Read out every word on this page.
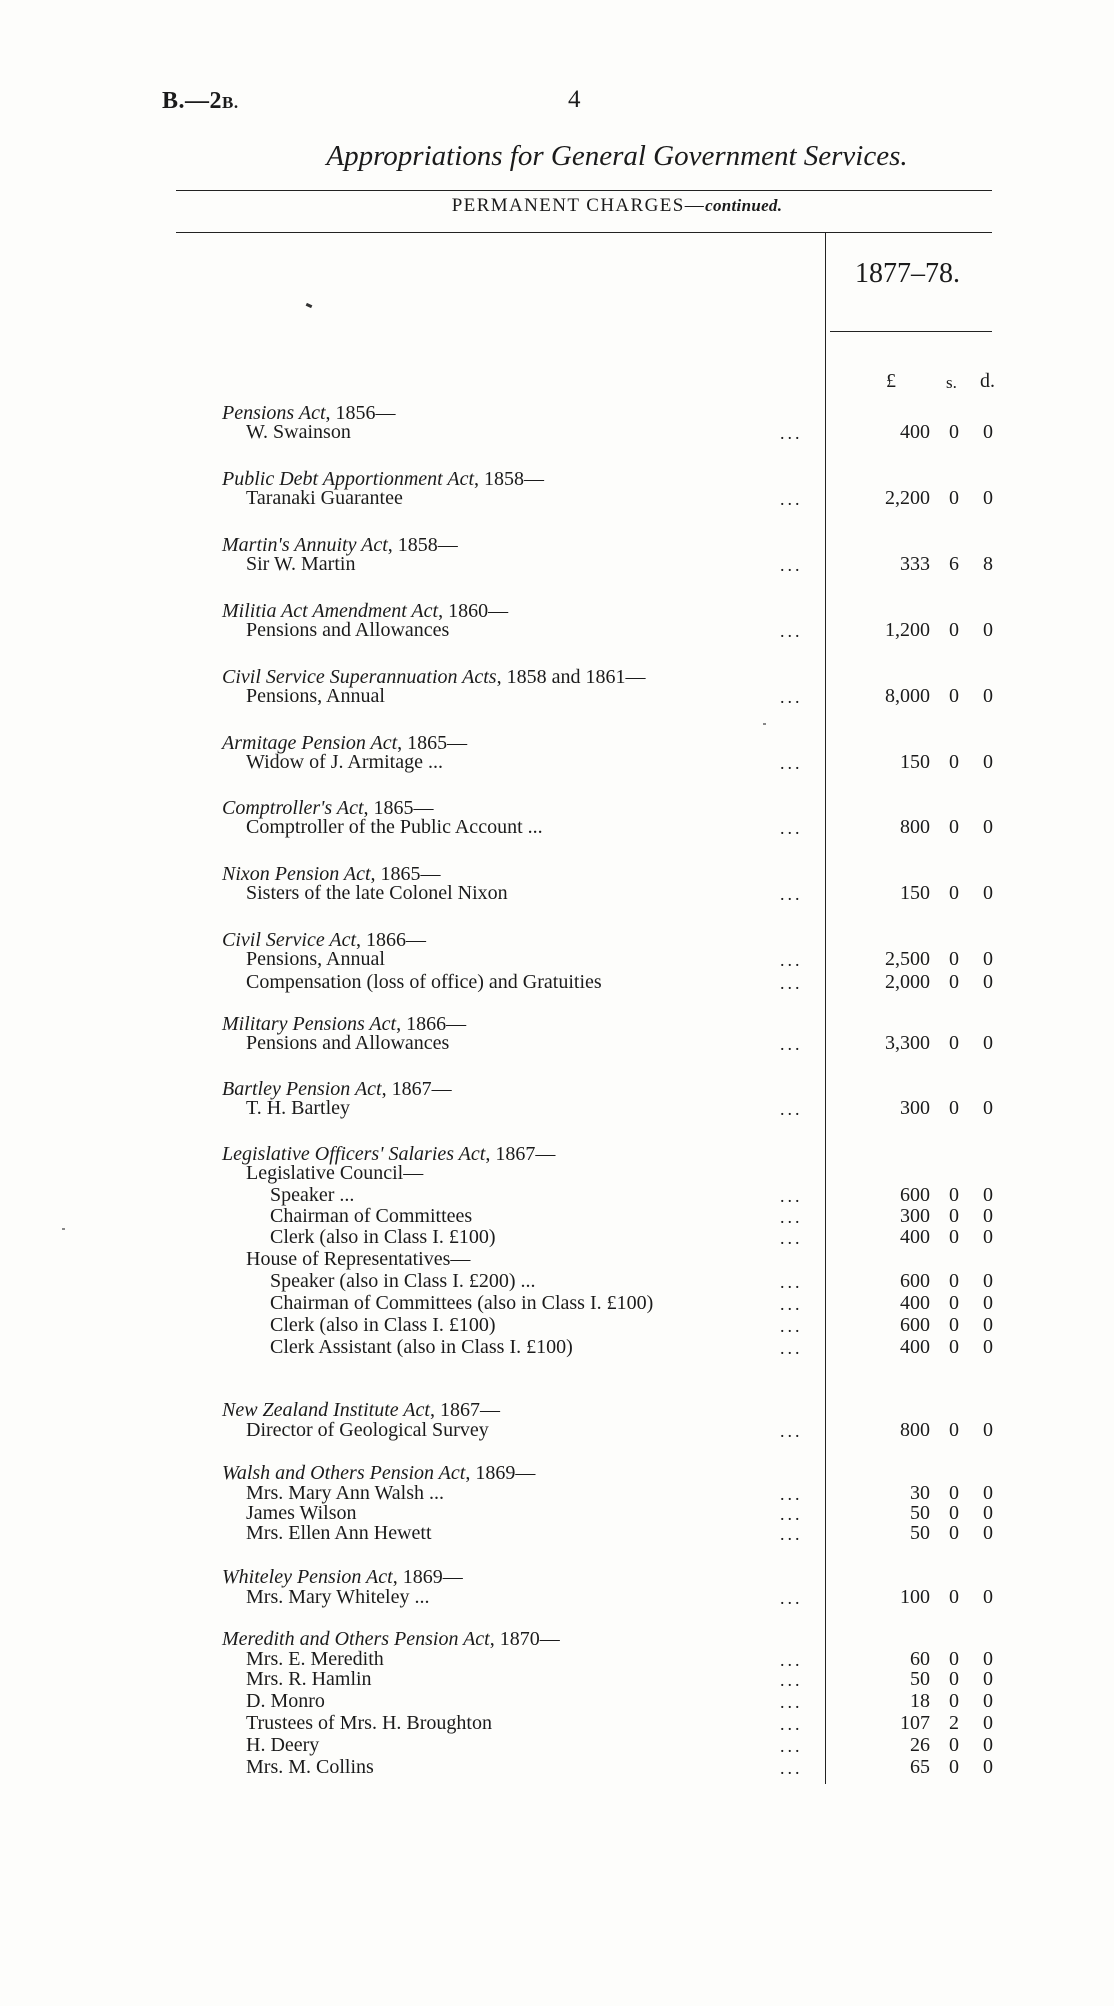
B.—2B.	4
Appropriations for General Government Services.
PERMANENT CHARGES—continued.
1877–78.
£	s. d.
Pensions Act, 1856—
W. Swainson	...	400 0 0
Public Debt Apportionment Act, 1858—
Taranaki Guarantee	...	2,200 0 0
Martin's Annuity Act, 1858—
Sir W. Martin	...	333 6 8
Militia Act Amendment Act, 1860—
Pensions and Allowances	...	1,200 0 0
Civil Service Superannuation Acts, 1858 and 1861—
Pensions, Annual	...	8,000 0 0
Armitage Pension Act, 1865—
Widow of J. Armitage ...	...	150 0 0
Comptroller's Act, 1865—
Comptroller of the Public Account ...	...	800 0 0
Nixon Pension Act, 1865—
Sisters of the late Colonel Nixon	...	150 0 0
Civil Service Act, 1866—
Pensions, Annual	...	2,500 0 0
Compensation (loss of office) and Gratuities	...	2,000 0 0
Military Pensions Act, 1866—
Pensions and Allowances	...	3,300 0 0
Bartley Pension Act, 1867—
T. H. Bartley	...	300 0 0
Legislative Officers' Salaries Act, 1867—
Legislative Council—
Speaker ...	...	600 0 0
Chairman of Committees	...	300 0 0
Clerk (also in Class I. £100)	...	400 0 0
House of Representatives—
Speaker (also in Class I. £200) ...	...	600 0 0
Chairman of Committees (also in Class I. £100)	...	400 0 0
Clerk (also in Class I. £100)	...	600 0 0
Clerk Assistant (also in Class I. £100)	...	400 0 0
New Zealand Institute Act, 1867—
Director of Geological Survey	...	800 0 0
Walsh and Others Pension Act, 1869—
Mrs. Mary Ann Walsh ...	...	30 0 0
James Wilson	...	50 0 0
Mrs. Ellen Ann Hewett	...	50 0 0
Whiteley Pension Act, 1869—
Mrs. Mary Whiteley ...	...	100 0 0
Meredith and Others Pension Act, 1870—
Mrs. E. Meredith	...	60 0 0
Mrs. R. Hamlin	...	50 0 0
D. Monro	...	18 0 0
Trustees of Mrs. H. Broughton	...	107 2 0
H. Deery	...	26 0 0
Mrs. M. Collins	...	65 0 0
